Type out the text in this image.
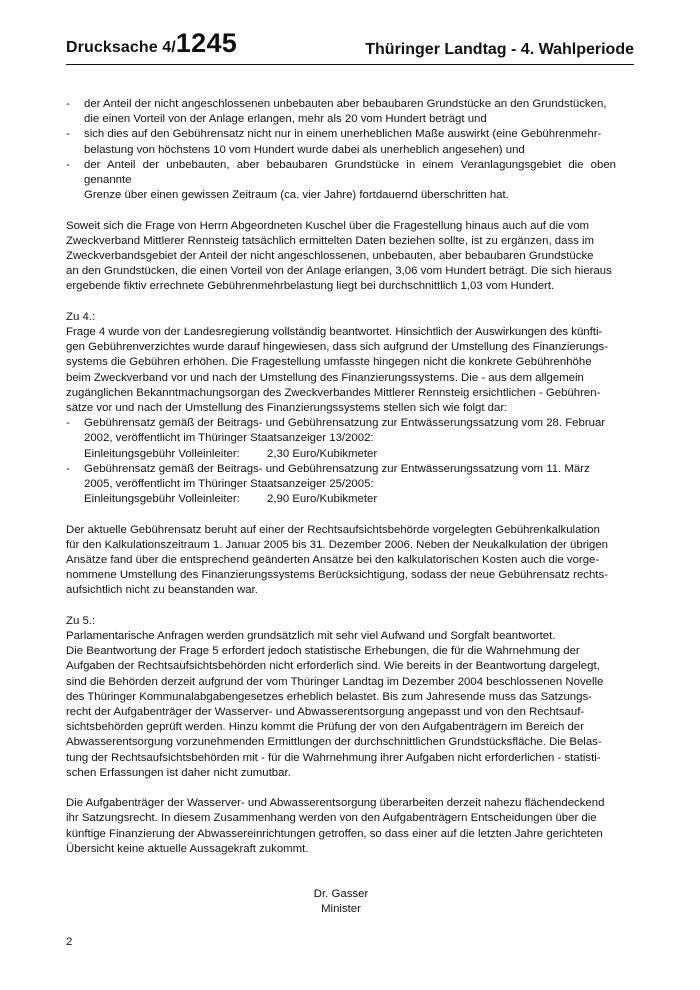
Drucksache 4/1245	Thüringer Landtag - 4. Wahlperiode
- der Anteil der nicht angeschlossenen unbebauten aber bebaubaren Grundstücke an den Grundstücken,
die einen Vorteil von der Anlage erlangen, mehr als 20 vom Hundert beträgt und
- sich dies auf den Gebührensatz nicht nur in einem unerheblichen Maße auswirkt (eine Gebührenmehr-
belastung von höchstens 10 vom Hundert wurde dabei als unerheblich angesehen) und
- der Anteil der unbebauten, aber bebaubaren Grundstücke in einem Veranlagungsgebiet die oben genannte
Grenze über einen gewissen Zeitraum (ca. vier Jahre) fortdauernd überschritten hat.

Soweit sich die Frage von Herrn Abgeordneten Kuschel über die Fragestellung hinaus auch auf die vom
Zweckverband Mittlerer Rennsteig tatsächlich ermittelten Daten beziehen sollte, ist zu ergänzen, dass im
Zweckverbandsgebiet der Anteil der nicht angeschlossenen, unbebauten, aber bebaubaren Grundstücke
an den Grundstücken, die einen Vorteil von der Anlage erlangen, 3,06 vom Hundert beträgt. Die sich hieraus
ergebende fiktiv errechnete Gebührenmehrbelastung liegt bei durchschnittlich 1,03 vom Hundert.

Zu 4.:

Frage 4 wurde von der Landesregierung vollständig beantwortet. Hinsichtlich der Auswirkungen des künfti-
gen Gebührenverzichtes wurde darauf hingewiesen, dass sich aufgrund der Umstellung des Finanzierungs-
systems die Gebühren erhöhen. Die Fragestellung umfasste hingegen nicht die konkrete Gebührenhöhe
beim Zweckverband vor und nach der Umstellung des Finanzierungssystems. Die - aus dem allgemein
zugänglichen Bekanntmachungsorgan des Zweckverbandes Mittlerer Rennsteig ersichtlichen - Gebühren-
sätze vor und nach der Umstellung des Finanzierungssystems stellen sich wie folgt dar:

- Gebührensatz gemäß der Beitrags- und Gebührensatzung zur Entwässerungssatzung vom 28. Februar
2002, veröffentlicht im Thüringer Staatsanzeiger 13/2002:
Einleitungsgebühr Volleinleiter:	2,30 Euro/Kubikmeter
- Gebührensatz gemäß der Beitrags- und Gebührensatzung zur Entwässerungssatzung vom 11. März
2005, veröffentlicht im Thüringer Staatsanzeiger 25/2005:
Einleitungsgebühr Volleinleiter:	2,90 Euro/Kubikmeter

Der aktuelle Gebührensatz beruht auf einer der Rechtsaufsichtsbehörde vorgelegten Gebührenkalkulation
für den Kalkulationszeitraum 1. Januar 2005 bis 31. Dezember 2006. Neben der Neukalkulation der übrigen
Ansätze fand über die entsprechend geänderten Ansätze bei den kalkulatorischen Kosten auch die vorge-
nommene Umstellung des Finanzierungssystems Berücksichtigung, sodass der neue Gebührensatz rechts-
aufsichtlich nicht zu beanstanden war.

Zu 5.:

Parlamentarische Anfragen werden grundsätzlich mit sehr viel Aufwand und Sorgfalt beantwortet.
Die Beantwortung der Frage 5 erfordert jedoch statistische Erhebungen, die für die Wahrnehmung der
Aufgaben der Rechtsaufsichtsbehörden nicht erforderlich sind. Wie bereits in der Beantwortung dargelegt,
sind die Behörden derzeit aufgrund der vom Thüringer Landtag im Dezember 2004 beschlossenen Novelle
des Thüringer Kommunalabgabengesetzes erheblich belastet. Bis zum Jahresende muss das Satzungs-
recht der Aufgabenträger der Wasserver- und Abwasserentsorgung angepasst und von den Rechtsauf-
sichtsbehörden geprüft werden. Hinzu kommt die Prüfung der von den Aufgabenträgern im Bereich der
Abwasserentsorgung vorzunehmenden Ermittlungen der durchschnittlichen Grundstücksfläche. Die Belas-
tung der Rechtsaufsichtsbehörden mit - für die Wahrnehmung ihrer Aufgaben nicht erforderlichen - statisti-
schen Erfassungen ist daher nicht zumutbar.

Die Aufgabenträger der Wasserver- und Abwasserentsorgung überarbeiten derzeit nahezu flächendeckend
ihr Satzungsrecht. In diesem Zusammenhang werden von den Aufgabenträgern Entscheidungen über die
künftige Finanzierung der Abwassereinrichtungen getroffen, so dass einer auf die letzten Jahre gerichteten
Übersicht keine aktuelle Aussagekraft zukommt.

Dr. Gasser
Minister
2
